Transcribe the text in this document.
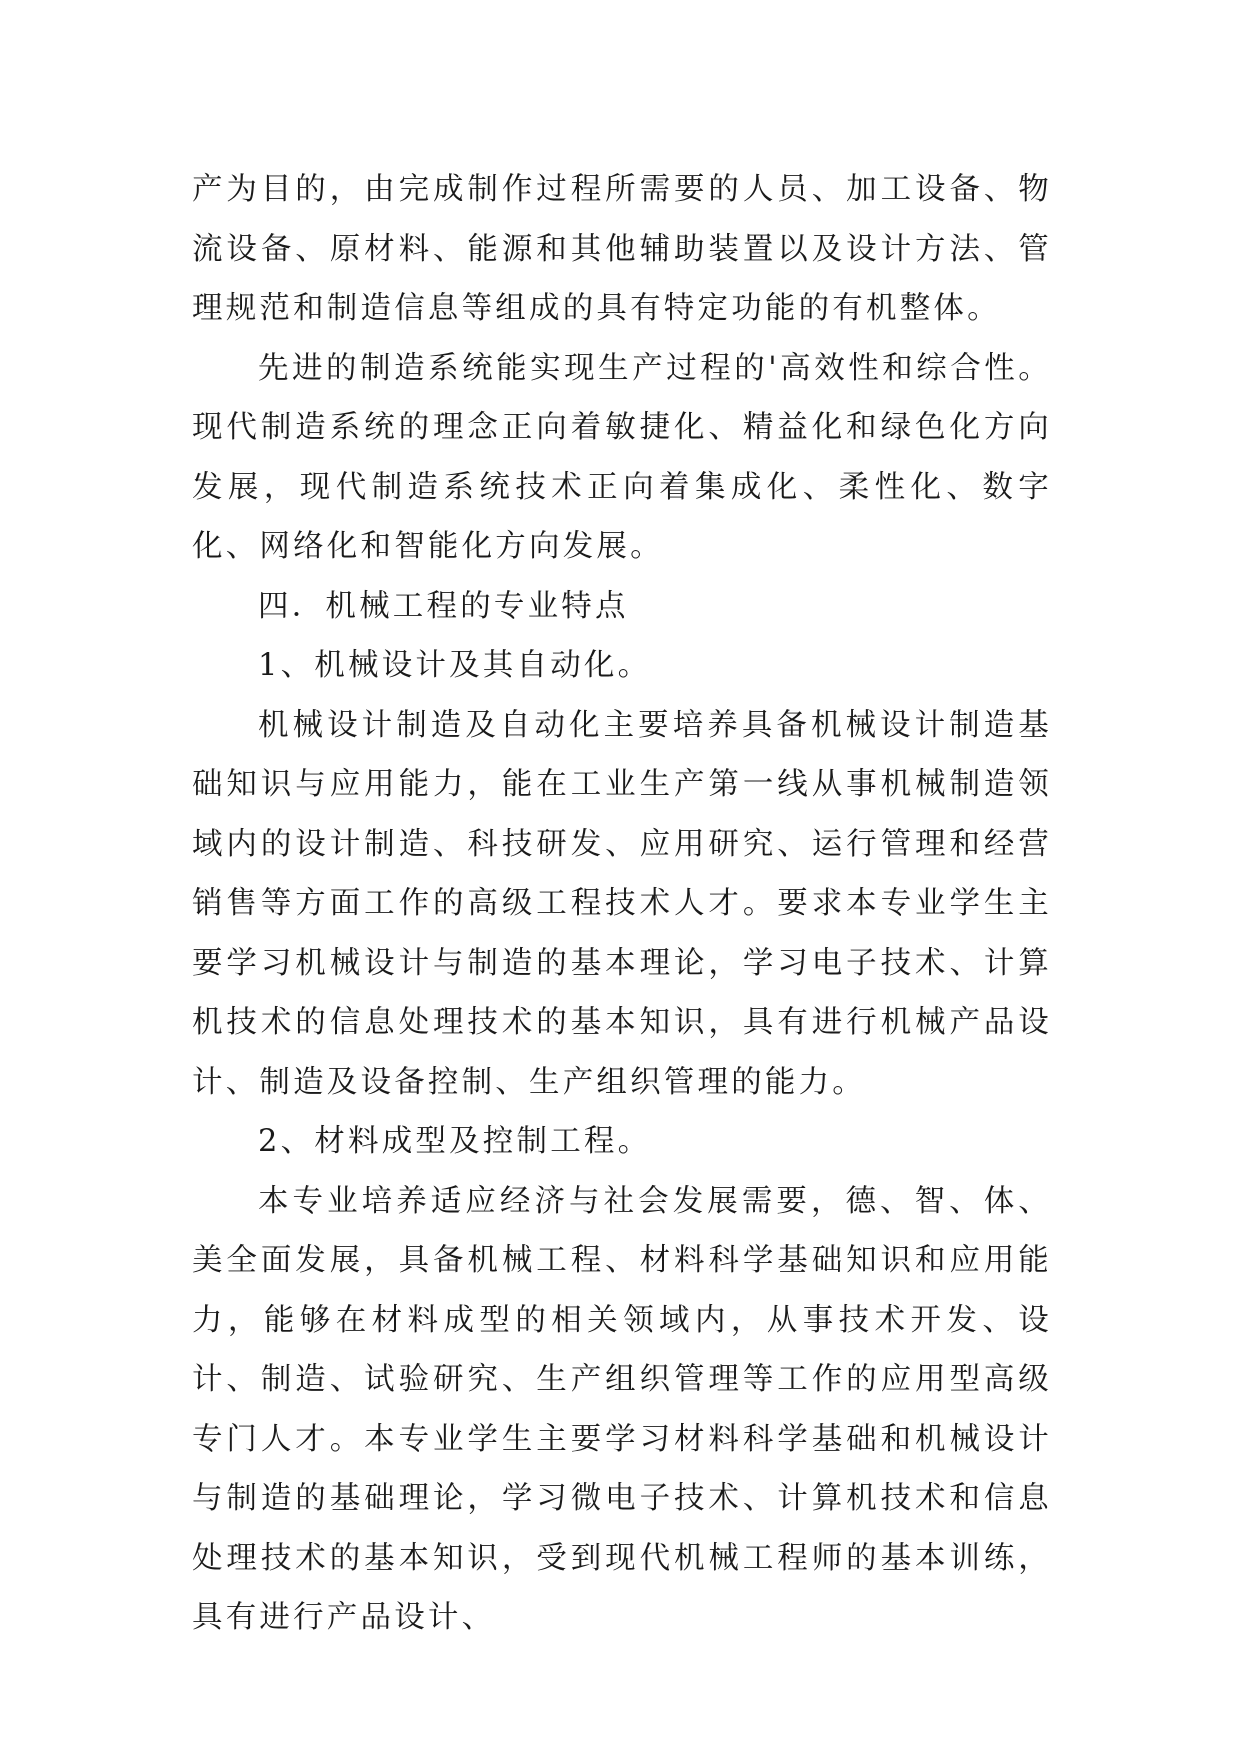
产为目的，由完成制作过程所需要的人员、加工设备、物流设备、原材料、能源和其他辅助装置以及设计方法、管理规范和制造信息等组成的具有特定功能的有机整体。

先进的制造系统能实现生产过程的'高效性和综合性。现代制造系统的理念正向着敏捷化、精益化和绿色化方向发展，现代制造系统技术正向着集成化、柔性化、数字化、网络化和智能化方向发展。

四．机械工程的专业特点

1、机械设计及其自动化。

机械设计制造及自动化主要培养具备机械设计制造基础知识与应用能力，能在工业生产第一线从事机械制造领域内的设计制造、科技研发、应用研究、运行管理和经营销售等方面工作的高级工程技术人才。要求本专业学生主要学习机械设计与制造的基本理论，学习电子技术、计算机技术的信息处理技术的基本知识，具有进行机械产品设计、制造及设备控制、生产组织管理的能力。

2、材料成型及控制工程。

本专业培养适应经济与社会发展需要，德、智、体、美全面发展，具备机械工程、材料科学基础知识和应用能力，能够在材料成型的相关领域内，从事技术开发、设计、制造、试验研究、生产组织管理等工作的应用型高级专门人才。本专业学生主要学习材料科学基础和机械设计与制造的基础理论，学习微电子技术、计算机技术和信息处理技术的基本知识，受到现代机械工程师的基本训练，具有进行产品设计、
